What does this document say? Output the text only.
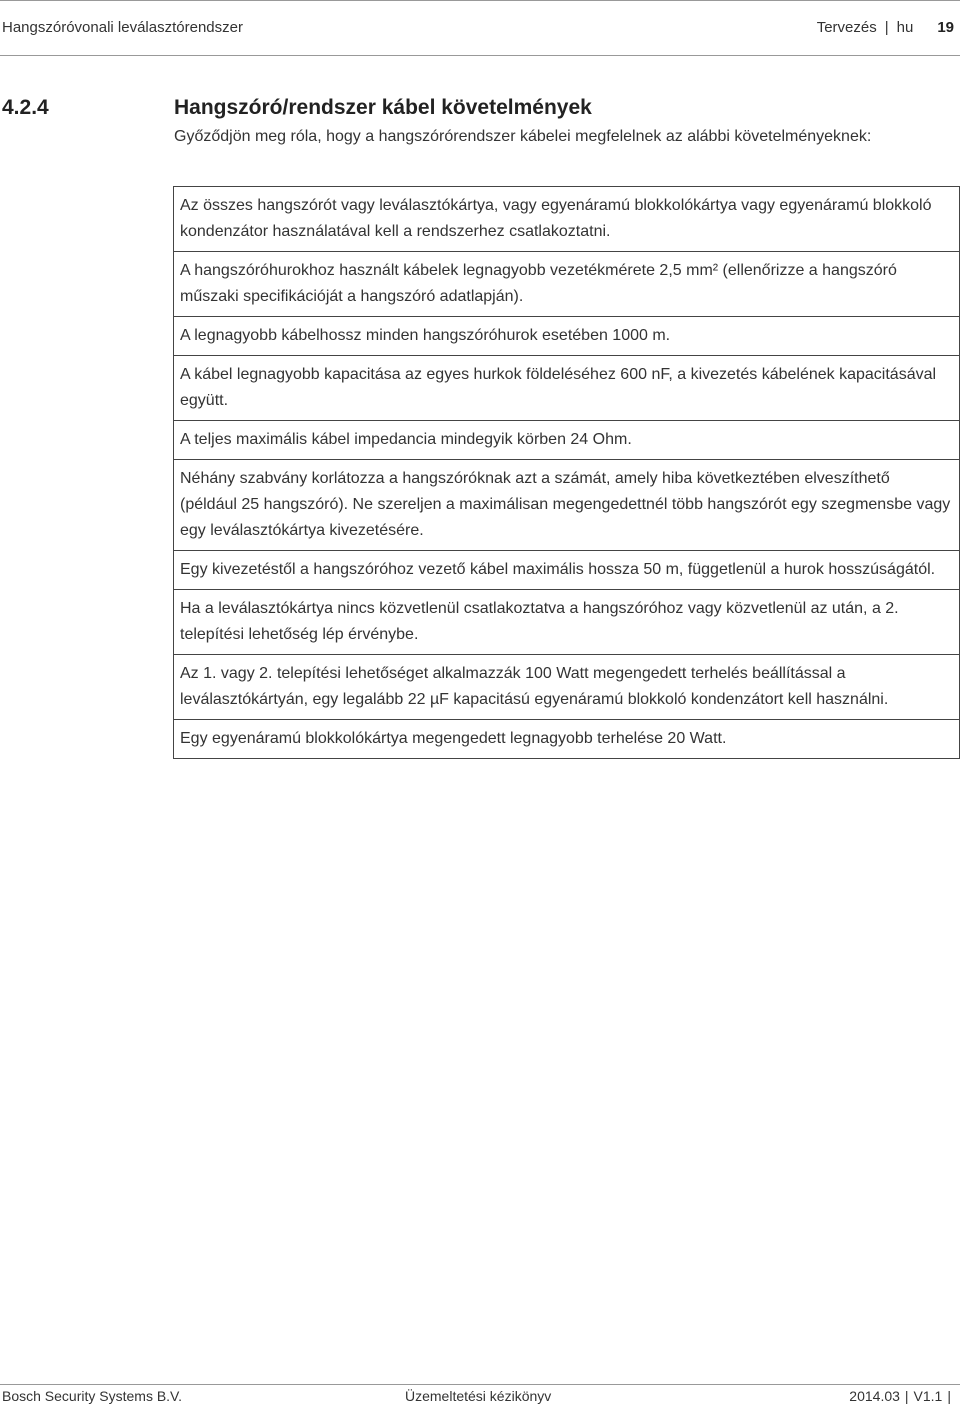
Hangszóróvonali leválasztórendszer	Tervezés | hu 19
4.2.4	Hangszóró/rendszer kábel követelmények
Győződjön meg róla, hogy a hangszórórendszer kábelei megfelelnek az alábbi követelményeknek:
Az összes hangszórót vagy leválasztókártya, vagy egyenáramú blokkolókártya vagy egyenáramú blokkoló kondenzátor használatával kell a rendszerhez csatlakoztatni.
A hangszóróhurokhoz használt kábelek legnagyobb vezetékmérete 2,5 mm² (ellenőrizze a hangszóró műszaki specifikációját a hangszóró adatlapján).
A legnagyobb kábelhossz minden hangszóróhurok esetében 1000 m.
A kábel legnagyobb kapacitása az egyes hurkok földeléséhez 600 nF, a kivezetés kábelének kapacitásával együtt.
A teljes maximális kábel impedancia mindegyik körben 24 Ohm.
Néhány szabvány korlátozza a hangszóróknak azt a számát, amely hiba következtében elveszíthető (például 25 hangszóró). Ne szereljen a maximálisan megengedettnél több hangszórót egy szegmensbe vagy egy leválasztókártya kivezetésére.
Egy kivezetéstől a hangszóróhoz vezető kábel maximális hossza 50 m, függetlenül a hurok hosszúságától.
Ha a leválasztókártya nincs közvetlenül csatlakoztatva a hangszóróhoz vagy közvetlenül az után, a 2. telepítési lehetőség lép érvénybe.
Az 1. vagy 2. telepítési lehetőséget alkalmazzák 100 Watt megengedett terhelés beállítással a leválasztókártyán, egy legalább 22 µF kapacitású egyenáramú blokkoló kondenzátort kell használni.
Egy egyenáramú blokkolókártya megengedett legnagyobb terhelése 20 Watt.
Bosch Security Systems B.V.	Üzemeltetési kézikönyv	2014.03 | V1.1 |
